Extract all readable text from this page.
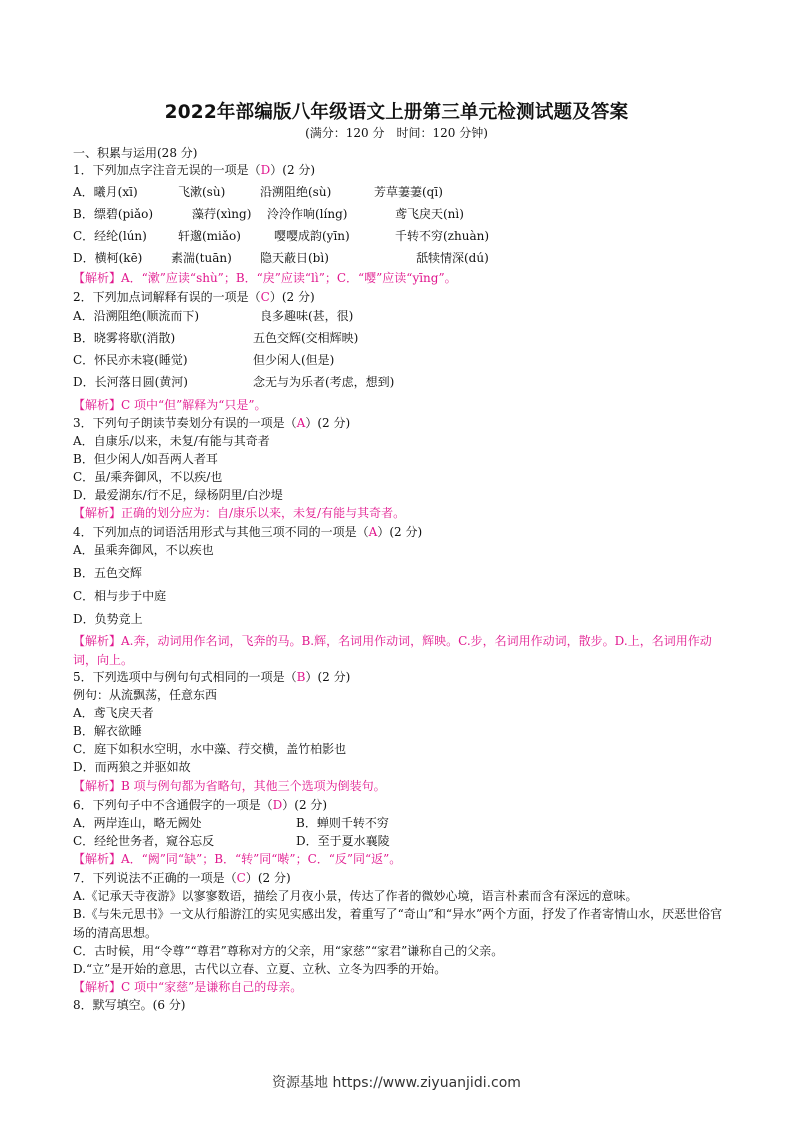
2022年部编版八年级语文上册第三单元检测试题及答案
(满分：120 分　时间：120 分钟)
一、积累与运用(28 分)
1．下列加点字注音无误的一项是（D）(2 分)
A．曦月(xī)	飞漱(sù)	沿溯阻绝(sù)	芳草萋萋(qī)
B．缥碧(piǎo)	藻荇(xìng) 泠泠作响(líng)	鸢飞戾天(nì)
C．经纶(lún)	轩邈(miǎo)	嘤嘤成韵(yīn)	千转不穷(zhuàn)
D．横柯(kē) 素湍(tuān) 隐天蔽日(bì)	舐犊情深(dú)
【解析】A．“漱”应读“shù”；B．“戾”应读“lì”；C．“嘤”应读“yīng”。
2．下列加点词解释有误的一项是（C）(2 分)
A．沿溯阻绝(顺流而下)	良多趣味(甚，很)
B．晓雾将歇(消散)	五色交辉(交相辉映)
C．怀民亦未寝(睡觉)	但少闲人(但是)
D．长河落日圆(黄河)	念无与为乐者(考虑，想到)
【解析】C 项中“但”解释为“只是”。
3．下列句子朗读节奏划分有误的一项是（A）(2 分)
A．自康乐/以来，未复/有能与其奇者
B．但少闲人/如吾两人者耳
C．虽/乘奔御风，不以疾/也
D．最爱湖东/行不足，绿杨阴里/白沙堤
【解析】正确的划分应为：自/康乐以来，未复/有能与其奇者。
4．下列加点的词语活用形式与其他三项不同的一项是（A）(2 分)
A．虽乘奔御风，不以疾也
B．五色交辉
C．相与步于中庭
D．负势竞上
【解析】A.奔，动词用作名词，飞奔的马。B.辉，名词用作动词，辉映。C.步，名词用作动词，散步。D.上，名词用作动词，向上。
5．下列选项中与例句句式相同的一项是（B）(2 分)
例句：从流飘荡，任意东西
A．鸢飞戾天者
B．解衣欲睡
C．庭下如积水空明，水中藻、荇交横，盖竹柏影也
D．而两狼之并驱如故
【解析】B 项与例句都为省略句，其他三个选项为倒装句。
6．下列句子中不含通假字的一项是（D）(2 分)
A．两岸连山，略无阙处	B．蝉则千转不穷
C．经纶世务者，窥谷忘反	D．至于夏水襄陵
【解析】A．“阙”同“缺”；B．“转”同“啭”；C．“反”同“返”。
7．下列说法不正确的一项是（C）(2 分)
A.《记承天寺夜游》以寥寥数语，描绘了月夜小景，传达了作者的微妙心境，语言朴素而含有深远的意味。
B.《与朱元思书》一文从行船游江的实见实感出发，着重写了“奇山”和“异水”两个方面，抒发了作者寄情山水，厌恶世俗官场的清高思想。
C．古时候，用“令尊”“尊君”尊称对方的父亲，用“家慈”“家君”谦称自己的父亲。
D.“立”是开始的意思，古代以立春、立夏、立秋、立冬为四季的开始。
【解析】C 项中“家慈”是谦称自己的母亲。
8．默写填空。(6 分)
资源基地 https://www.ziyuanjidi.com
